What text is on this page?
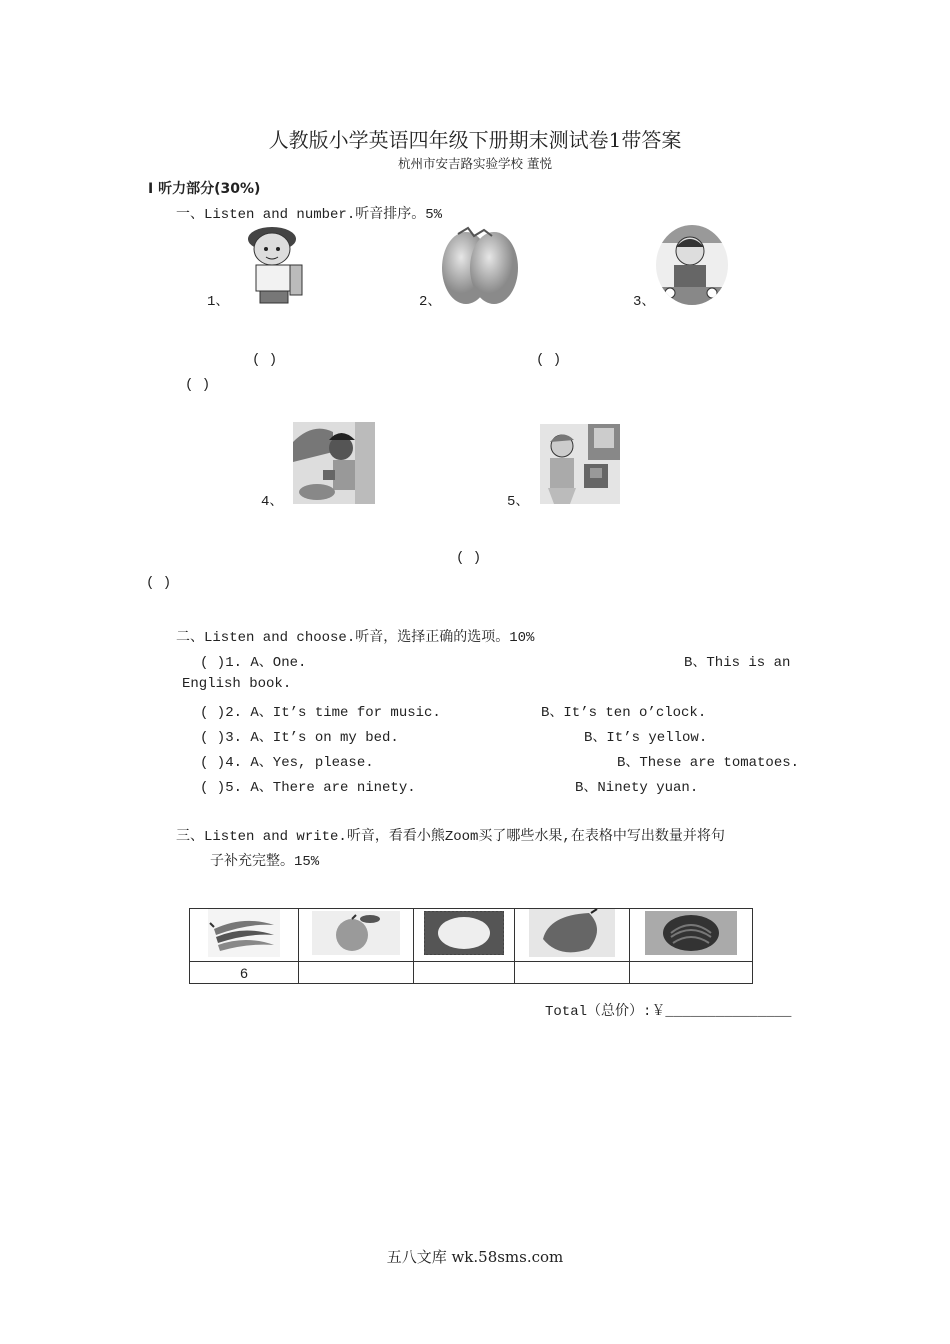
人教版小学英语四年级下册期末测试卷1带答案
杭州市安吉路实验学校 董悦
Ⅰ 听力部分(30%)
一、Listen and number.听音排序。5%
1、	2、	3、
( )	( )
( )
4、	5、
( )
( )
二、Listen and choose.听音，选择正确的选项。10%
( )1. A、One.	B、This is an
English book.
( )2. A、It’s time for music.	B、It’s ten o’clock.
( )3. A、It’s on my bed.	B、It’s yellow.
( )4. A、Yes, please.	B、These are tomatoes.
( )5. A、There are ninety.	B、Ninety yuan.
三、Listen and write.听音，看看小熊Zoom买了哪些水果,在表格中写出数量并将句
子补充完整。15%

6				
Total（总价）:￥_______________
五八文库 wk.58sms.com
